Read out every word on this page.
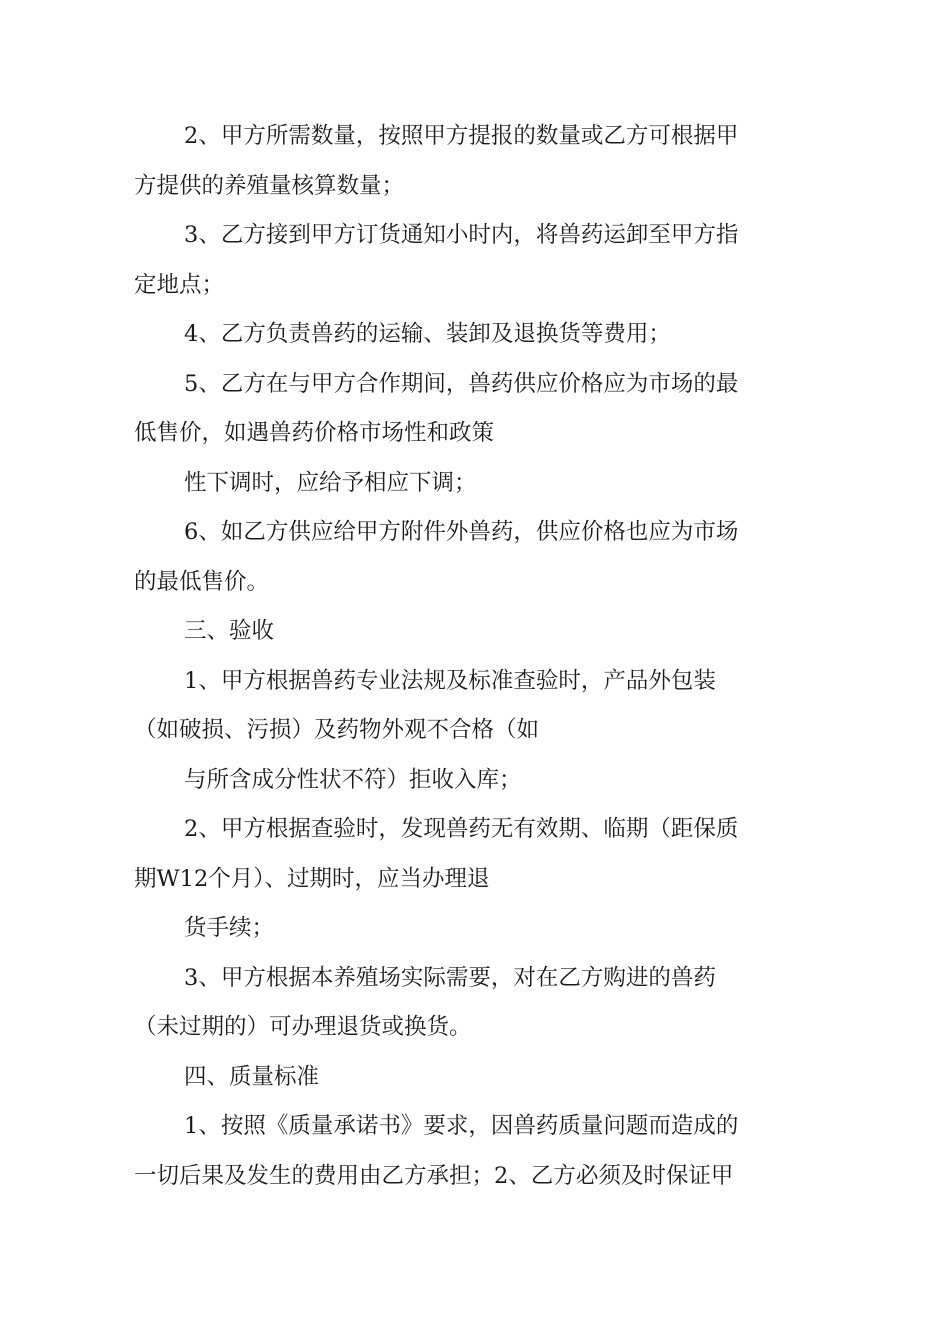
2、甲方所需数量，按照甲方提报的数量或乙方可根据甲
方提供的养殖量核算数量；
3、乙方接到甲方订货通知小时内，将兽药运卸至甲方指
定地点；
4、乙方负责兽药的运输、装卸及退换货等费用；
5、乙方在与甲方合作期间，兽药供应价格应为市场的最
低售价，如遇兽药价格市场性和政策
性下调时，应给予相应下调；
6、如乙方供应给甲方附件外兽药，供应价格也应为市场
的最低售价。
三、验收
1、甲方根据兽药专业法规及标准查验时，产品外包装
（如破损、污损）及药物外观不合格（如
与所含成分性状不符）拒收入库；
2、甲方根据查验时，发现兽药无有效期、临期（距保质
期W12个月）、过期时，应当办理退
货手续；
3、甲方根据本养殖场实际需要，对在乙方购进的兽药
（未过期的）可办理退货或换货。
四、质量标准
1、按照《质量承诺书》要求，因兽药质量问题而造成的
一切后果及发生的费用由乙方承担；2、乙方必须及时保证甲
